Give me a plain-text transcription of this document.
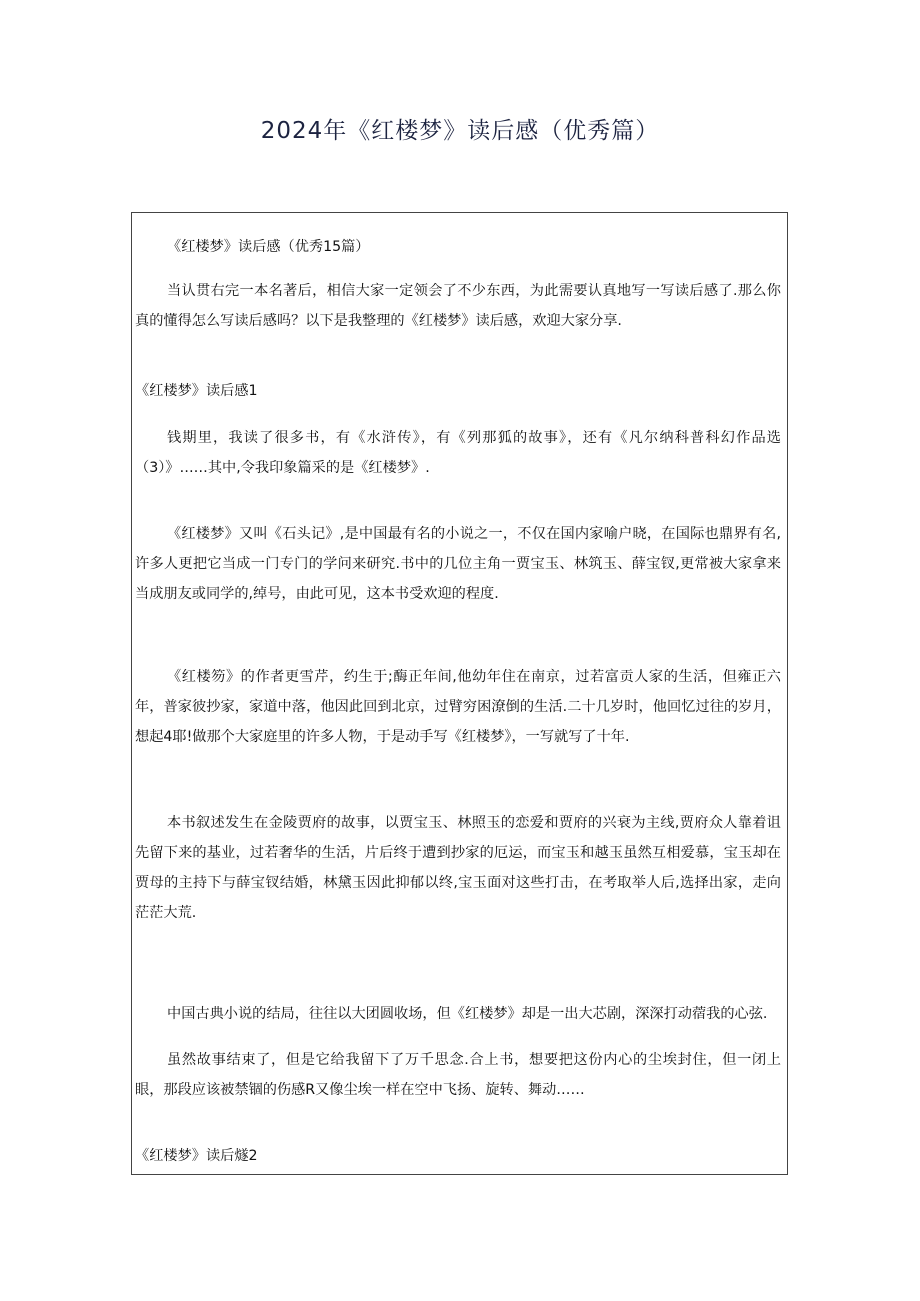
2024年《红楼梦》读后感（优秀篇）

《红楼梦》读后感（优秀15篇）

当认贯右完一本名著后，相信大家一定领会了不少东西，为此需要认真地写一写读后感了.那么你真的懂得怎么写读后感吗？以下是我整理的《红楼梦》读后感，欢迎大家分享.

《红楼梦》读后感1

钱期里，我读了很多书，有《水浒传》，有《列那狐的故事》，还有《凡尔纳科普科幻作品选（3）》……其中,令我印象篇采的是《红楼梦》.

《红楼梦》又叫《石头记》,是中国最有名的小说之一，不仅在国内家喻户晓，在国际也鼎界有名,许多人更把它当成一门专门的学问来研究.书中的几位主角一贾宝玉、林筑玉、薛宝钗,更常被大家拿来当成朋友或同学的,绰号，由此可见，这本书受欢迎的程度.

《红楼笏》的作者更雪芹，约生于;酶正年间,他幼年住在南京，过若富贡人家的生活，但雍正六年，普家彼抄家，家道中落，他因此回到北京，过臂穷困潦倒的生活.二十几岁时，他回忆过往的岁月，想起4耶!做那个大家庭里的许多人物，于是动手写《红楼梦》，一写就写了十年.

本书叙述发生在金陵贾府的故事，以贾宝玉、林照玉的恋爱和贾府的兴衰为主线,贾府众人靠着诅先留下来的基业，过若奢华的生活，片后终于遭到抄家的厄运，而宝玉和越玉虽然互相爱慕，宝玉却在贾母的主持下与薛宝钗结婚，林黛玉因此抑郁以终,宝玉面对这些打击，在考取举人后,选择出家，走向茫茫大荒.

中国古典小说的结局，往往以大团圆收场，但《红楼梦》却是一出大芯剧，深深打动蓿我的心弦.

虽然故事结束了，但是它给我留下了万千思念.合上书，想要把这份内心的尘埃封住，但一闭上眼，那段应该被禁锢的伤感R又像尘埃一样在空中飞扬、旋转、舞动……

《红楼梦》读后燧2
